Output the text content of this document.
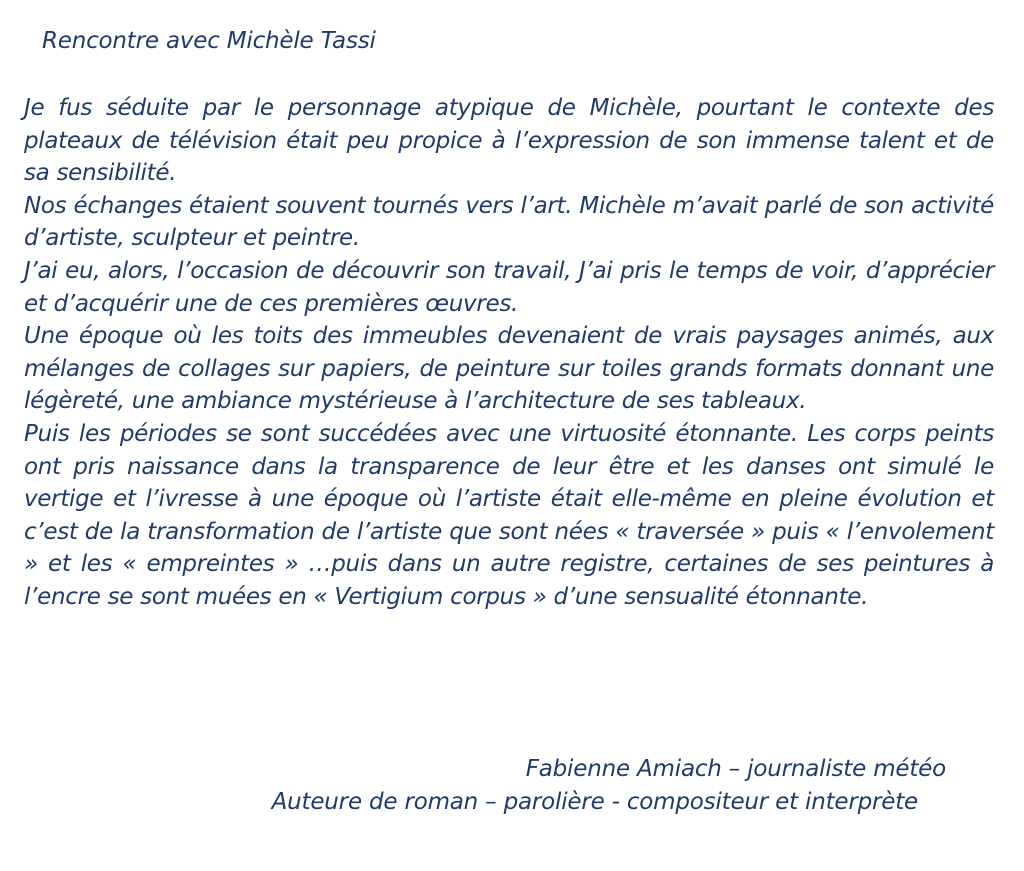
Rencontre avec Michèle Tassi

Je fus séduite par le personnage atypique de Michèle, pourtant le contexte des plateaux de télévision était peu propice à l’expression de son immense talent et de sa sensibilité.

Nos échanges étaient souvent tournés vers l’art. Michèle m’avait parlé de son activité d’artiste, sculpteur et peintre.

J’ai eu, alors, l’occasion de découvrir son travail, J’ai pris le temps de voir, d’apprécier et d’acquérir une de ces premières œuvres.

Une époque où les toits des immeubles devenaient de vrais paysages animés, aux mélanges de collages sur papiers, de peinture sur toiles grands formats donnant une légèreté, une ambiance mystérieuse à l’architecture de ses tableaux.

Puis les périodes se sont succédées avec une virtuosité étonnante. Les corps peints ont pris naissance dans la transparence de leur être et les danses ont simulé le vertige et l’ivresse à une époque où l’artiste était elle-même en pleine évolution et c’est de la transformation de l’artiste que sont nées « traversée » puis « l’envolement » et les « empreintes » …puis dans un autre registre, certaines de ses peintures à l’encre se sont muées en « Vertigium corpus » d’une sensualité étonnante.

Fabienne Amiach – journaliste météo
Auteure de roman – parolière - compositeur et interprète
